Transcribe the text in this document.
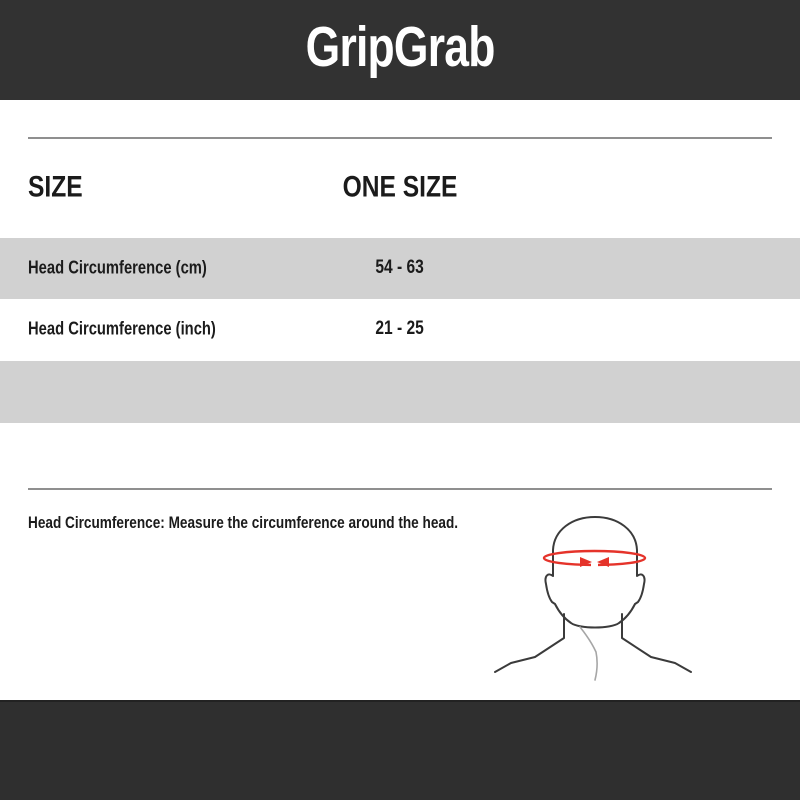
GripGrab
SIZE	ONE SIZE
Head Circumference (cm)	54 - 63
Head Circumference (inch)	21 - 25
Head Circumference: Measure the circumference around the head.
